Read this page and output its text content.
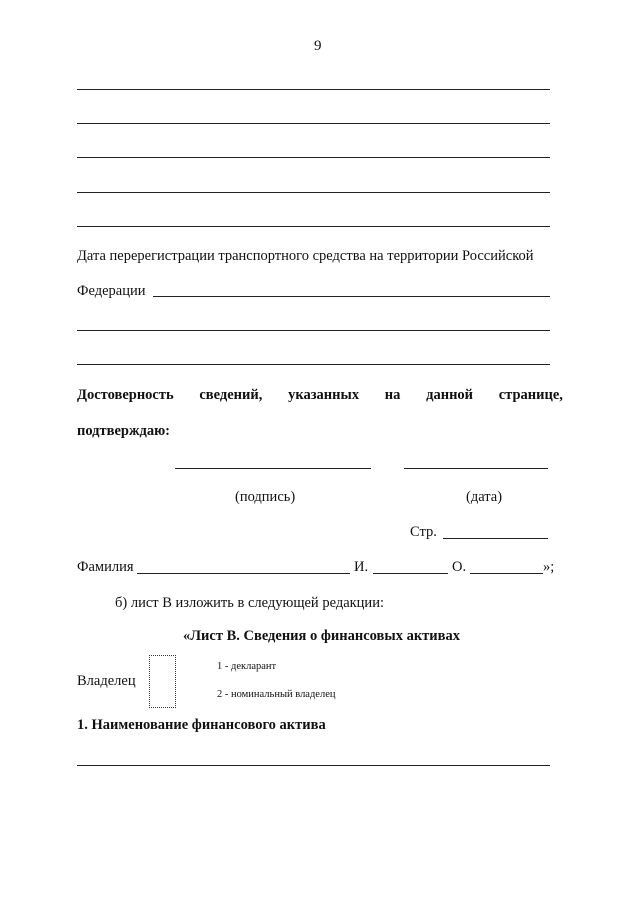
9
Дата перерегистрации транспортного средства на территории Российской
Федерации
Достоверность сведений, указанных на данной странице,
подтверждаю:
(подпись)	(дата)
Стр.
Фамилия	И.	О.	»;
б) лист В изложить в следующей редакции:
«Лист В. Сведения о финансовых активах
Владелец
1 - декларант
2 - номинальный владелец
1. Наименование финансового актива
